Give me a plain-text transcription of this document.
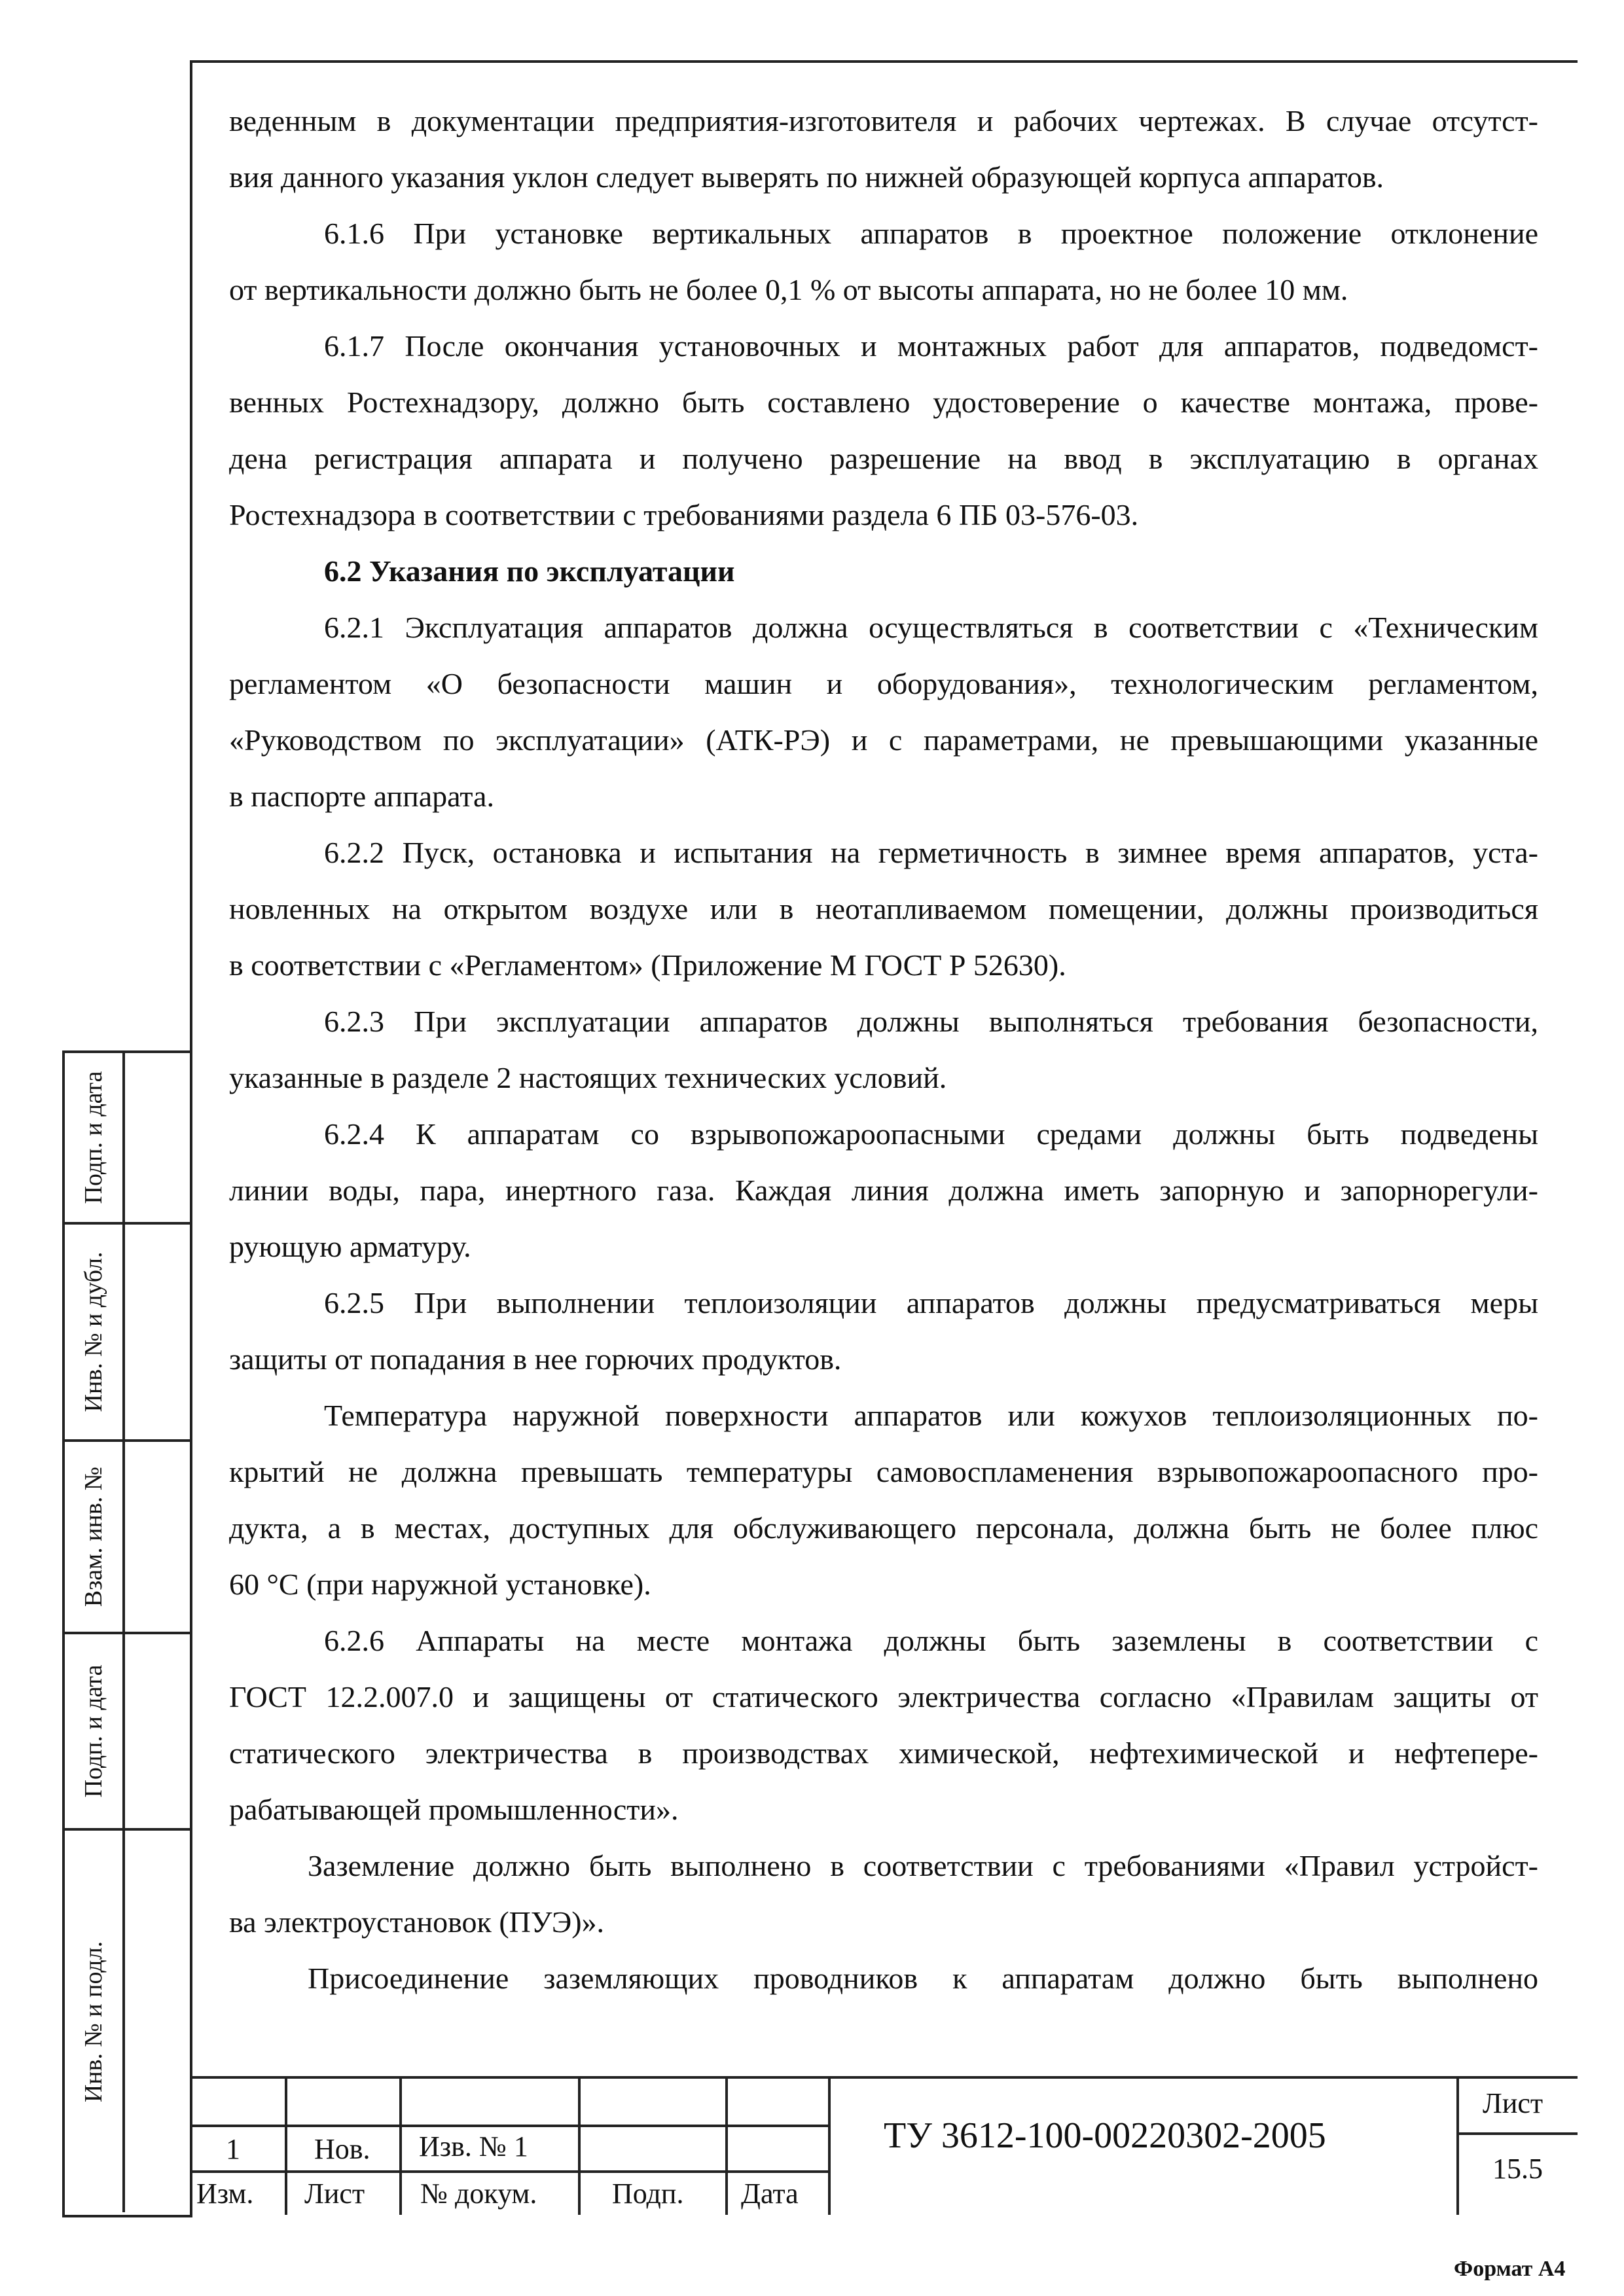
веденным в документации предприятия-изготовителя и рабочих чертежах. В случае отсутст-

вия данного указания уклон следует выверять по нижней образующей корпуса аппаратов.

6.1.6 При установке вертикальных аппаратов в проектное положение отклонение

от вертикальности должно быть не более 0,1 % от высоты аппарата, но не более 10 мм.

6.1.7 После окончания установочных и монтажных работ для аппаратов, подведомст-

венных Ростехнадзору, должно быть составлено удостоверение о качестве монтажа, прове-

дена регистрация аппарата и получено разрешение на ввод в эксплуатацию в органах

Ростехнадзора в соответствии с требованиями раздела 6 ПБ 03-576-03.

6.2 Указания по эксплуатации

6.2.1 Эксплуатация аппаратов должна осуществляться в соответствии с «Техническим

регламентом «О безопасности машин и оборудования», технологическим регламентом,

«Руководством по эксплуатации» (АТК-РЭ) и с параметрами, не превышающими указанные

в паспорте аппарата.

6.2.2 Пуск, остановка и испытания на герметичность в зимнее время аппаратов, уста-

новленных на открытом воздухе или в неотапливаемом помещении, должны производиться

в соответствии с «Регламентом» (Приложение М ГОСТ Р 52630).

6.2.3 При эксплуатации аппаратов должны выполняться требования безопасности,

указанные в разделе 2 настоящих технических условий.

6.2.4 К аппаратам со взрывопожароопасными средами должны быть подведены

линии воды, пара, инертного газа. Каждая линия должна иметь запорную и запорнорегули-

рующую арматуру.

6.2.5 При выполнении теплоизоляции аппаратов должны предусматриваться меры

защиты от попадания в нее горючих продуктов.

Температура наружной поверхности аппаратов или кожухов теплоизоляционных по-

крытий не должна превышать температуры самовоспламенения взрывопожароопасного про-

дукта, а в местах, доступных для обслуживающего персонала, должна быть не более плюс

60 °С (при наружной установке).

6.2.6 Аппараты на месте монтажа должны быть заземлены в соответствии с

ГОСТ 12.2.007.0 и защищены от статического электричества согласно «Правилам защиты от

статического электричества в производствах химической, нефтехимической и нефтепере-

рабатывающей промышленности».

Заземление должно быть выполнено в соответствии с требованиями «Правил устройст-

ва электроустановок (ПУЭ)».

Присоединение заземляющих проводников к аппаратам должно быть выполнено

Подп. и дата
Инв. № и дубл.
Взам. инв. №
Подп. и дата
Инв. № и подл.
1	Нов. Изв. № 1
Изм. Лист № докум.	Подп. Дата
ТУ 3612-100-00220302-2005
Лист
15.5
Формат А4
